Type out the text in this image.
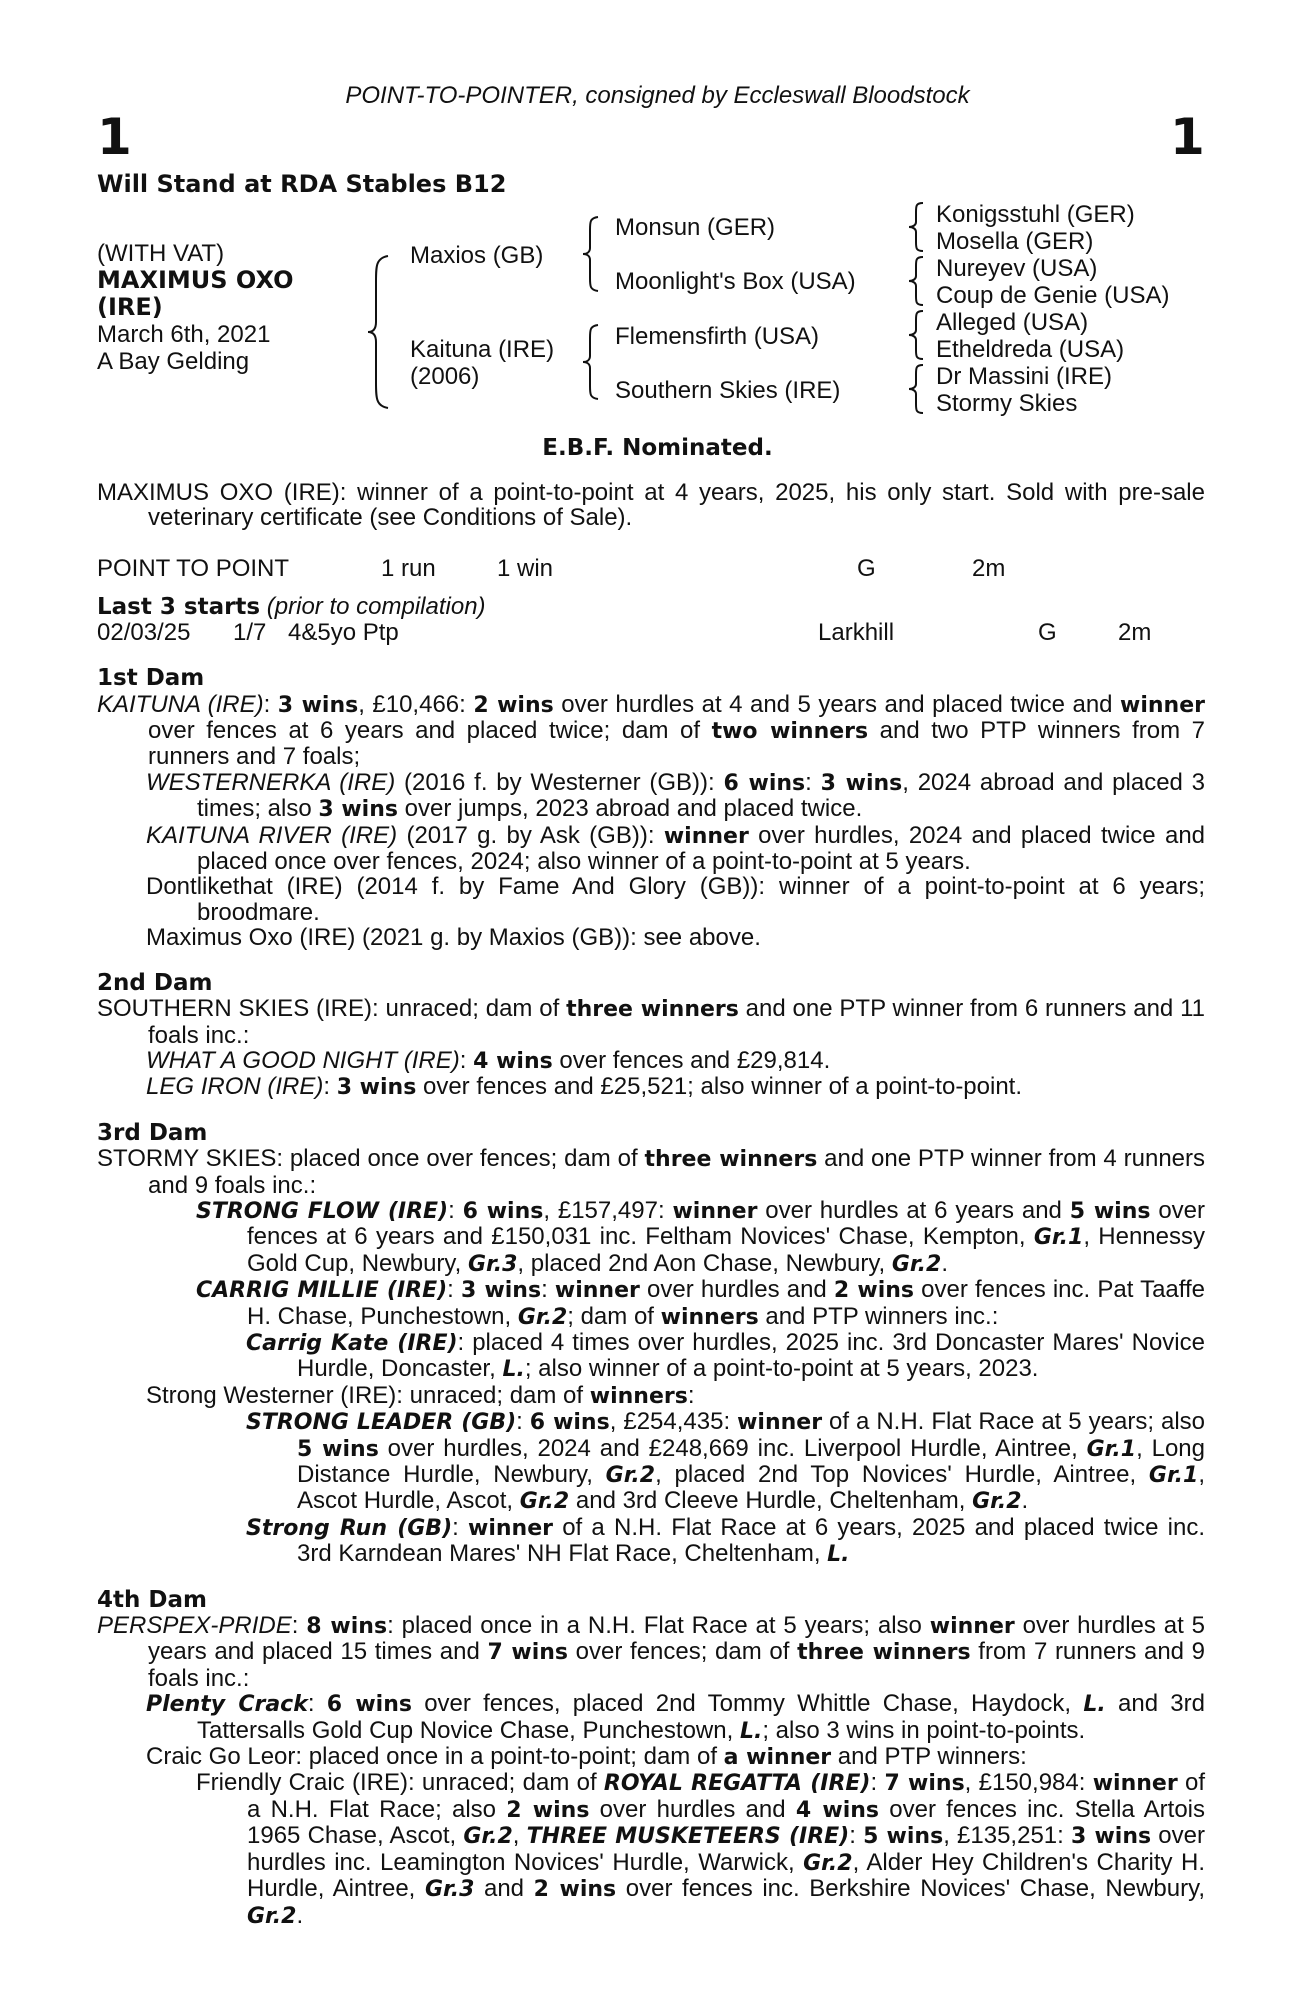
POINT-TO-POINTER, consigned by Eccleswall Bloodstock
1	1
Will Stand at RDA Stables B12
(WITH VAT)
MAXIMUS OXO
(IRE)
March 6th, 2021
A Bay Gelding
Maxios (GB)
Kaituna (IRE)
(2006)
Monsun (GER)
Moonlight's Box (USA)
Flemensfirth (USA)
Southern Skies (IRE)
Konigsstuhl (GER)
Mosella (GER)
Nureyev (USA)
Coup de Genie (USA)
Alleged (USA)
Etheldreda (USA)
Dr Massini (IRE)
Stormy Skies
E.B.F. Nominated.

MAXIMUS OXO (IRE): winner of a point-to-point at 4 years, 2025, his only start. Sold with pre-sale veterinary certificate (see Conditions of Sale).

POINT TO POINT	1 run	1 win	G	2m
Last 3 starts (prior to compilation)
02/03/25 1/7 4&5yo Ptp	Larkhill	G	2m
1st Dam

KAITUNA (IRE): 3 wins, £10,466: 2 wins over hurdles at 4 and 5 years and placed twice and winner over fences at 6 years and placed twice; dam of two winners and two PTP winners from 7 runners and 7 foals;

WESTERNERKA (IRE) (2016 f. by Westerner (GB)): 6 wins: 3 wins, 2024 abroad and placed 3 times; also 3 wins over jumps, 2023 abroad and placed twice.

KAITUNA RIVER (IRE) (2017 g. by Ask (GB)): winner over hurdles, 2024 and placed twice and placed once over fences, 2024; also winner of a point-to-point at 5 years.

Dontlikethat (IRE) (2014 f. by Fame And Glory (GB)): winner of a point-to-point at 6 years; broodmare.

Maximus Oxo (IRE) (2021 g. by Maxios (GB)): see above.

2nd Dam

SOUTHERN SKIES (IRE): unraced; dam of three winners and one PTP winner from 6 runners and 11 foals inc.:

WHAT A GOOD NIGHT (IRE): 4 wins over fences and £29,814.

LEG IRON (IRE): 3 wins over fences and £25,521; also winner of a point-to-point.

3rd Dam

STORMY SKIES: placed once over fences; dam of three winners and one PTP winner from 4 runners and 9 foals inc.:

STRONG FLOW (IRE): 6 wins, £157,497: winner over hurdles at 6 years and 5 wins over fences at 6 years and £150,031 inc. Feltham Novices' Chase, Kempton, Gr.1, Hennessy Gold Cup, Newbury, Gr.3, placed 2nd Aon Chase, Newbury, Gr.2.

CARRIG MILLIE (IRE): 3 wins: winner over hurdles and 2 wins over fences inc. Pat Taaffe H. Chase, Punchestown, Gr.2; dam of winners and PTP winners inc.:

Carrig Kate (IRE): placed 4 times over hurdles, 2025 inc. 3rd Doncaster Mares' Novice Hurdle, Doncaster, L.; also winner of a point-to-point at 5 years, 2023.

Strong Westerner (IRE): unraced; dam of winners:

STRONG LEADER (GB): 6 wins, £254,435: winner of a N.H. Flat Race at 5 years; also 5 wins over hurdles, 2024 and £248,669 inc. Liverpool Hurdle, Aintree, Gr.1, Long Distance Hurdle, Newbury, Gr.2, placed 2nd Top Novices' Hurdle, Aintree, Gr.1, Ascot Hurdle, Ascot, Gr.2 and 3rd Cleeve Hurdle, Cheltenham, Gr.2.

Strong Run (GB): winner of a N.H. Flat Race at 6 years, 2025 and placed twice inc. 3rd Karndean Mares' NH Flat Race, Cheltenham, L.

4th Dam

PERSPEX-PRIDE: 8 wins: placed once in a N.H. Flat Race at 5 years; also winner over hurdles at 5 years and placed 15 times and 7 wins over fences; dam of three winners from 7 runners and 9 foals inc.:

Plenty Crack: 6 wins over fences, placed 2nd Tommy Whittle Chase, Haydock, L. and 3rd Tattersalls Gold Cup Novice Chase, Punchestown, L.; also 3 wins in point-to-points.

Craic Go Leor: placed once in a point-to-point; dam of a winner and PTP winners:

Friendly Craic (IRE): unraced; dam of ROYAL REGATTA (IRE): 7 wins, £150,984: winner of a N.H. Flat Race; also 2 wins over hurdles and 4 wins over fences inc. Stella Artois 1965 Chase, Ascot, Gr.2, THREE MUSKETEERS (IRE): 5 wins, £135,251: 3 wins over hurdles inc. Leamington Novices' Hurdle, Warwick, Gr.2, Alder Hey Children's Charity H. Hurdle, Aintree, Gr.3 and 2 wins over fences inc. Berkshire Novices' Chase, Newbury, Gr.2.
